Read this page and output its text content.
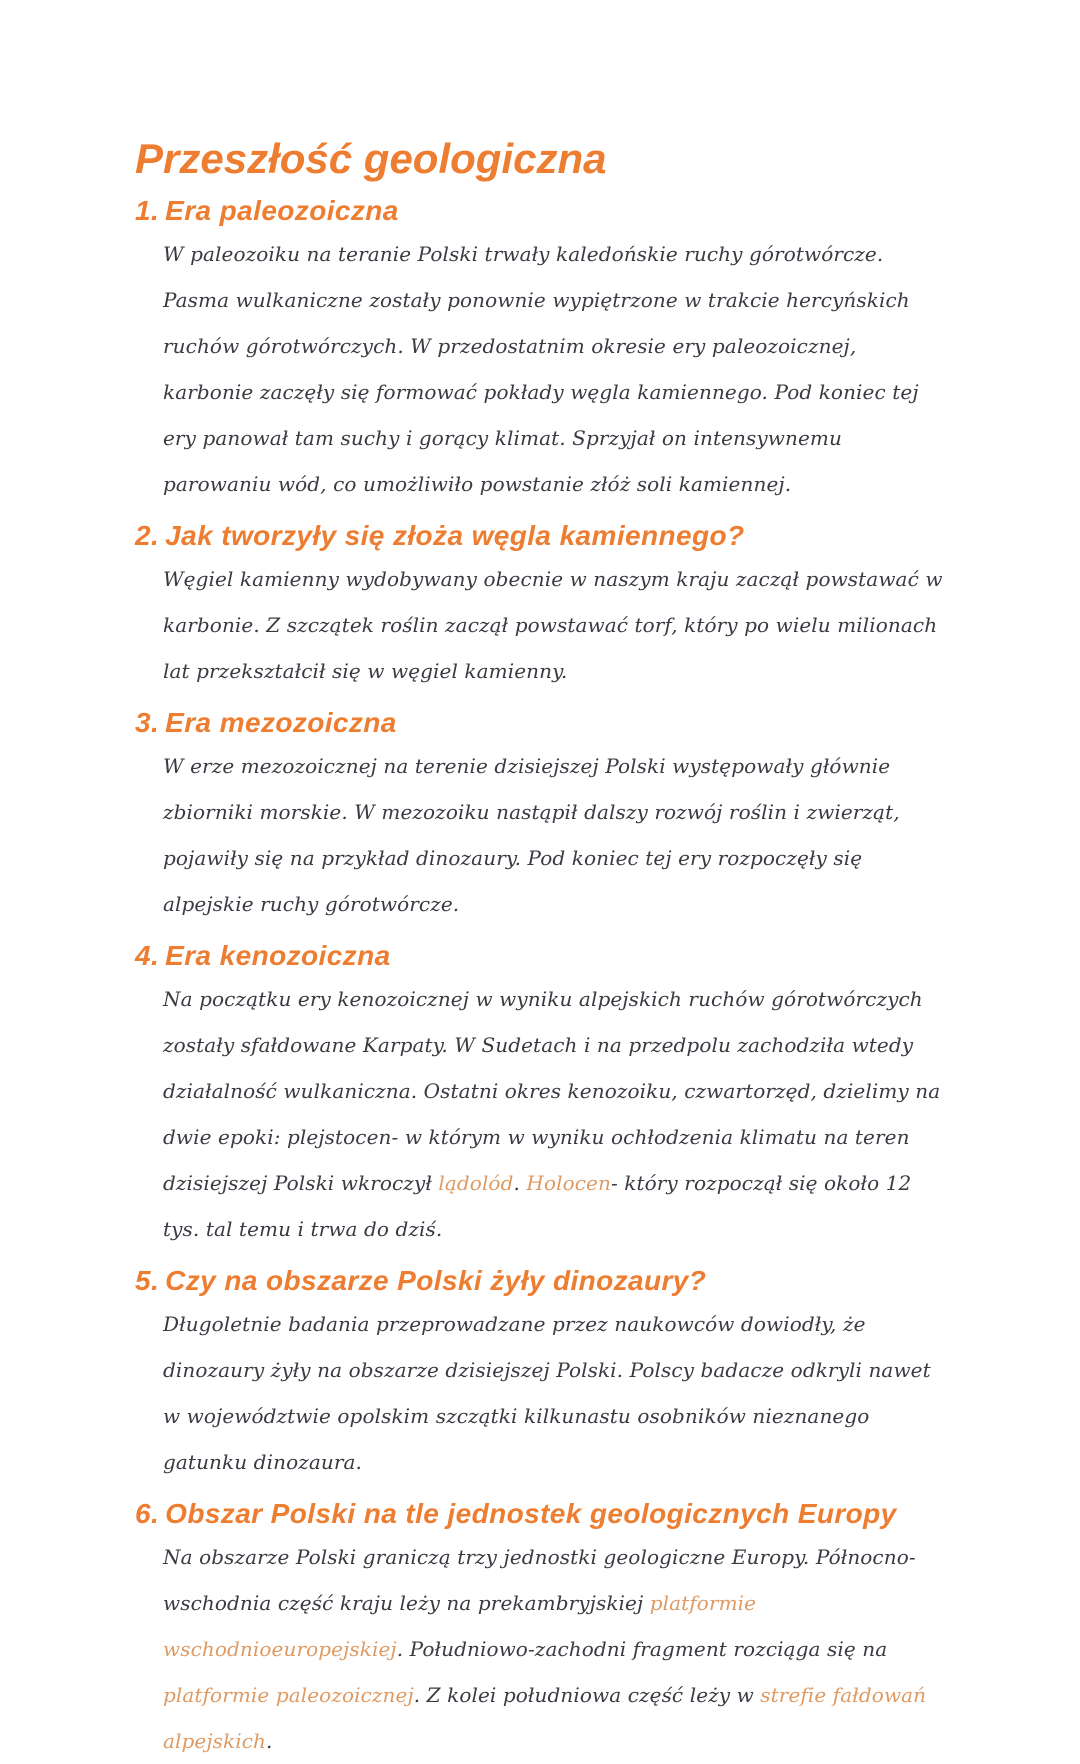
Przeszłość geologiczna
1. Era paleozoiczna

W paleozoiku na teranie Polski trwały kaledońskie ruchy górotwórcze. Pasma wulkaniczne zostały ponownie wypiętrzone w trakcie hercyńskich ruchów górotwórczych. W przedostatnim okresie ery paleozoicznej, karbonie zaczęły się formować pokłady węgla kamiennego. Pod koniec tej ery panował tam suchy i gorący klimat. Sprzyjał on intensywnemu parowaniu wód, co umożliwiło powstanie złóż soli kamiennej.

2. Jak tworzyły się złoża węgla kamiennego?

Węgiel kamienny wydobywany obecnie w naszym kraju zaczął powstawać w karbonie. Z szczątek roślin zaczął powstawać torf, który po wielu milionach lat przekształcił się w węgiel kamienny.

3. Era mezozoiczna

W erze mezozoicznej na terenie dzisiejszej Polski występowały głównie zbiorniki morskie. W mezozoiku nastąpił dalszy rozwój roślin i zwierząt, pojawiły się na przykład dinozaury. Pod koniec tej ery rozpoczęły się alpejskie ruchy górotwórcze.

4. Era kenozoiczna

Na początku ery kenozoicznej w wyniku alpejskich ruchów górotwórczych zostały sfałdowane Karpaty. W Sudetach i na przedpolu zachodziła wtedy działalność wulkaniczna. Ostatni okres kenozoiku, czwartorzęd, dzielimy na dwie epoki: plejstocen- w którym w wyniku ochłodzenia klimatu na teren dzisiejszej Polski wkroczył lądolód. Holocen- który rozpoczął się około 12 tys. tal temu i trwa do dziś.

5. Czy na obszarze Polski żyły dinozaury?

Długoletnie badania przeprowadzane przez naukowców dowiodły, że dinozaury żyły na obszarze dzisiejszej Polski. Polscy badacze odkryli nawet w województwie opolskim szczątki kilkunastu osobników nieznanego gatunku dinozaura.

6. Obszar Polski na tle jednostek geologicznych Europy

Na obszarze Polski graniczą trzy jednostki geologiczne Europy. Północno-wschodnia część kraju leży na prekambryjskiej platformie wschodnioeuropejskiej. Południowo-zachodni fragment rozciąga się na platformie paleozoicznej. Z kolei południowa część leży w strefie fałdowań alpejskich.
